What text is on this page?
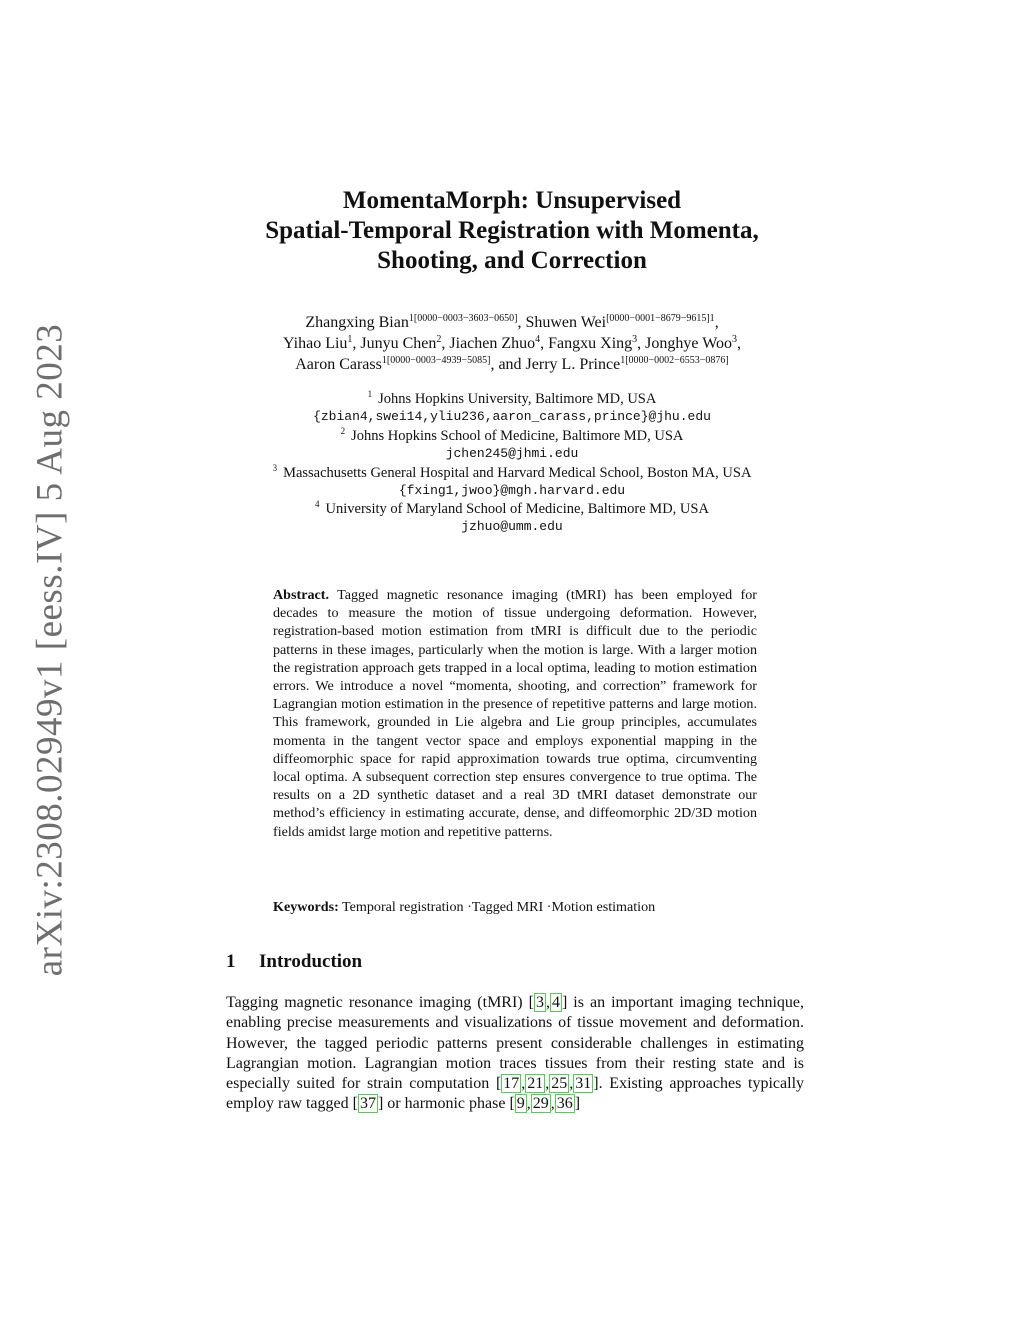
arXiv:2308.02949v1 [eess.IV] 5 Aug 2023
MomentaMorph: Unsupervised
Spatial-Temporal Registration with Momenta,
Shooting, and Correction
Zhangxing Bian$^{1[0000-0003-3603-0650]}$, Shuwen Wei$^{[0000-0001-8679-9615]1}$,
Yihao Liu$^1$, Junyu Chen$^2$, Jiachen Zhuo$^4$, Fangxu Xing$^3$, Jonghye Woo$^3$,
Aaron Carass$^{1[0000-0003-4939-5085]}$, and Jerry L. Prince$^{1[0000-0002-6553-0876]}$
$^1$ Johns Hopkins University, Baltimore MD, USA
{zbian4,swei14,yliu236,aaron_carass,prince}@jhu.edu
$^2$ Johns Hopkins School of Medicine, Baltimore MD, USA
jchen245@jhmi.edu
$^3$ Massachusetts General Hospital and Harvard Medical School, Boston MA, USA
{fxing1,jwoo}@mgh.harvard.edu
$^4$ University of Maryland School of Medicine, Baltimore MD, USA
jzhuo@umm.edu

Abstract. Tagged magnetic resonance imaging (tMRI) has been employed for decades to measure the motion of tissue undergoing deformation. However, registration-based motion estimation from tMRI is difficult due to the periodic patterns in these images, particularly when the motion is large. With a larger motion the registration approach gets trapped in a local optima, leading to motion estimation errors. We introduce a novel “momenta, shooting, and correction” framework for Lagrangian motion estimation in the presence of repetitive patterns and large motion. This framework, grounded in Lie algebra and Lie group principles, accumulates momenta in the tangent vector space and employs exponential mapping in the diffeomorphic space for rapid approximation towards true optima, circumventing local optima. A subsequent correction step ensures convergence to true optima. The results on a 2D synthetic dataset and a real 3D tMRI dataset demonstrate our method’s efficiency in estimating accurate, dense, and diffeomorphic 2D/3D motion fields amidst large motion and repetitive patterns.

Keywords: Temporal registration · Tagged MRI · Motion estimation
1 Introduction

Tagging magnetic resonance imaging (tMRI) [ 3 , 4 ] is an important imaging technique, enabling precise measurements and visualizations of tissue movement and deformation. However, the tagged periodic patterns present considerable challenges in estimating Lagrangian motion. Lagrangian motion traces tissues from their resting state and is especially suited for strain computation [ 17 , 21 , 25 , 31 ]. Existing approaches typically employ raw tagged [ 37 ] or harmonic phase [ 9 , 29 , 36 ]
